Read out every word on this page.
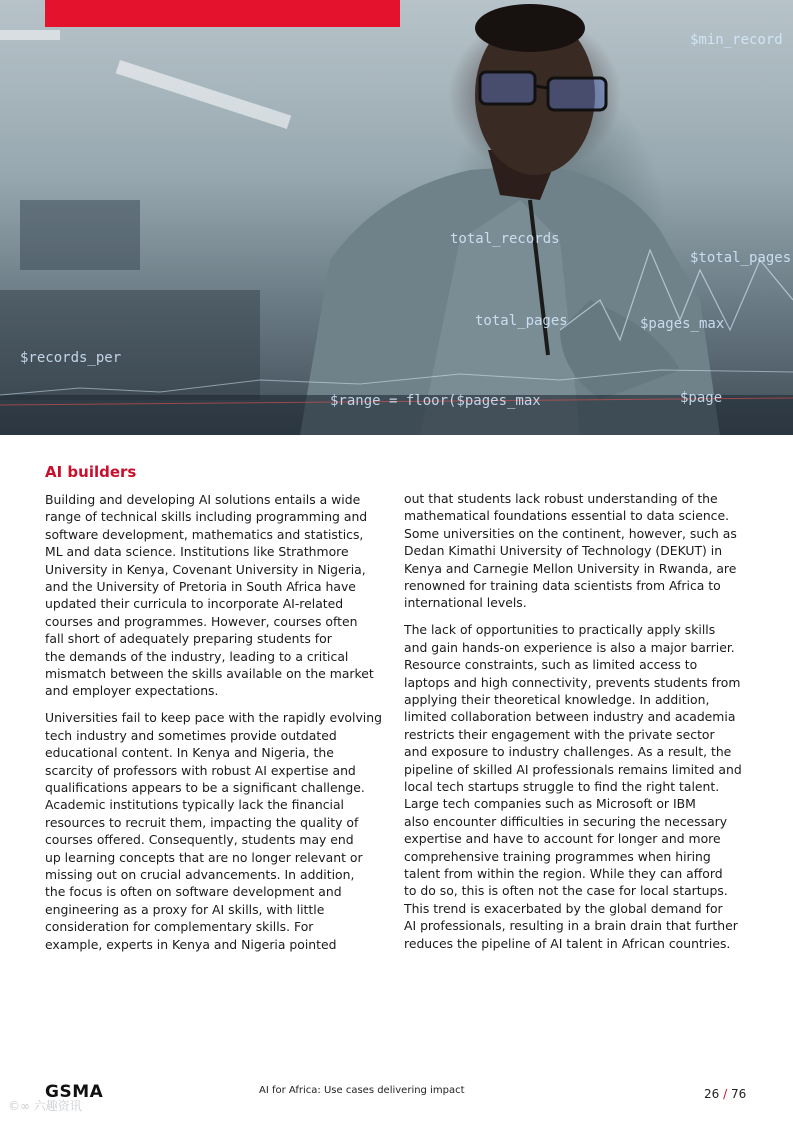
$min_record
total_records
$total_pages
$pages_max
$range = floor($pages_max
total_pages
$records_per
$page
AI builders

Building and developing AI solutions entails a wide
range of technical skills including programming and
software development, mathematics and statistics,
ML and data science. Institutions like Strathmore
University in Kenya, Covenant University in Nigeria,
and the University of Pretoria in South Africa have
updated their curricula to incorporate AI-related
courses and programmes. However, courses often
fall short of adequately preparing students for
the demands of the industry, leading to a critical
mismatch between the skills available on the market
and employer expectations.

Universities fail to keep pace with the rapidly evolving
tech industry and sometimes provide outdated
educational content. In Kenya and Nigeria, the
scarcity of professors with robust AI expertise and
qualifications appears to be a significant challenge.
Academic institutions typically lack the financial
resources to recruit them, impacting the quality of
courses offered. Consequently, students may end
up learning concepts that are no longer relevant or
missing out on crucial advancements. In addition,
the focus is often on software development and
engineering as a proxy for AI skills, with little
consideration for complementary skills. For
example, experts in Kenya and Nigeria pointed

out that students lack robust understanding of the
mathematical foundations essential to data science.
Some universities on the continent, however, such as
Dedan Kimathi University of Technology (DEKUT) in
Kenya and Carnegie Mellon University in Rwanda, are
renowned for training data scientists from Africa to
international levels.

The lack of opportunities to practically apply skills
and gain hands-on experience is also a major barrier.
Resource constraints, such as limited access to
laptops and high connectivity, prevents students from
applying their theoretical knowledge. In addition,
limited collaboration between industry and academia
restricts their engagement with the private sector
and exposure to industry challenges. As a result, the
pipeline of skilled AI professionals remains limited and
local tech startups struggle to find the right talent.
Large tech companies such as Microsoft or IBM
also encounter difficulties in securing the necessary
expertise and have to account for longer and more
comprehensive training programmes when hiring
talent from within the region. While they can afford
to do so, this is often not the case for local startups.
This trend is exacerbated by the global demand for
AI professionals, resulting in a brain drain that further
reduces the pipeline of AI talent in African countries.

GSMA	AI for Africa: Use cases delivering impact	26 / 76
©∞ 六趣资讯
